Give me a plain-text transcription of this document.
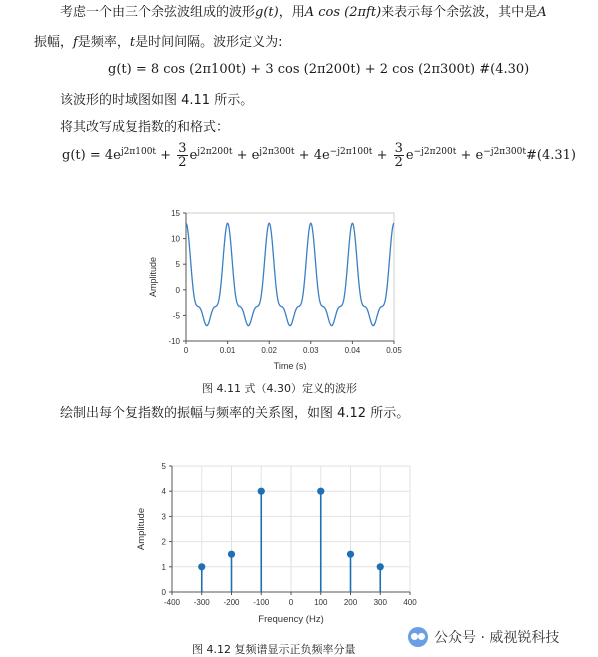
考虑一个由三个余弦波组成的波形g(t)，用A cos (2πft)来表示每个余弦波，其中是A
振幅，f是频率，t是时间间隔。波形定义为:
g(t) = 8 cos (2π100t) + 3 cos (2π200t) + 2 cos (2π300t) #(4.30)
该波形的时域图如图 4.11 所示。
将其改写成复指数的和格式：
$g(t) = 4e^{j2\pi 100t} + \frac{3}{2} e^{j2\pi 200t} + e^{j2\pi 300t} + 4e^{-j2\pi 100t} + \frac{3}{2} e^{-j2\pi 200t} + e^{-j2\pi 300t}$ #(4.31)
-10
-5
0
5
10
15
0	0.01	0.02	0.03	0.04	0.05
Time (s)
Amplitude
图 4.11 式（4.30）定义的波形
绘制出每个复指数的振幅与频率的关系图，如图 4.12 所示。
0
1
2
3
4
5
-400 -300 -200 -100 0	100 200 300 400
Frequency (Hz)
Amplitude
图 4.12 复频谱显示正负频率分量
公众号 · 威视锐科技
